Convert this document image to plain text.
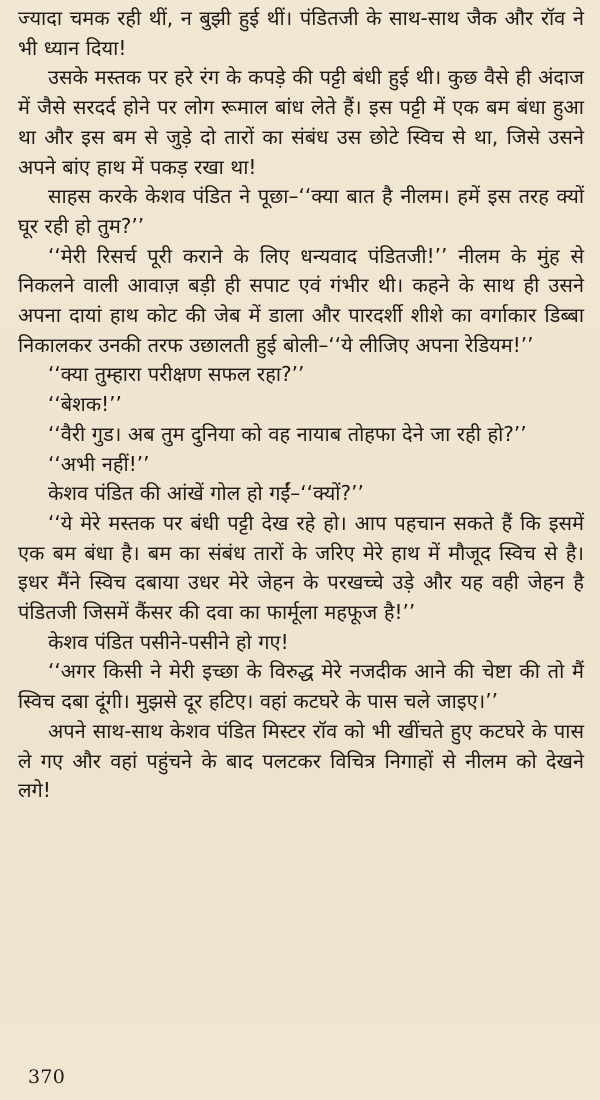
ज्यादा चमक रही थीं, न बुझी हुई थीं। पंडितजी के साथ-साथ जैक और रॉव ने भी ध्यान दिया!

उसके मस्तक पर हरे रंग के कपड़े की पट्टी बंधी हुई थी। कुछ वैसे ही अंदाज में जैसे सरदर्द होने पर लोग रूमाल बांध लेते हैं। इस पट्टी में एक बम बंधा हुआ था और इस बम से जुड़े दो तारों का संबंध उस छोटे स्विच से था, जिसे उसने अपने बांए हाथ में पकड़ रखा था!

साहस करके केशव पंडित ने पूछा–‘‘क्या बात है नीलम। हमें इस तरह क्यों घूर रही हो तुम?’’

‘‘मेरी रिसर्च पूरी कराने के लिए धन्यवाद पंडितजी!’’ नीलम के मुंह से निकलने वाली आवाज़ बड़ी ही सपाट एवं गंभीर थी। कहने के साथ ही उसने अपना दायां हाथ कोट की जेब में डाला और पारदर्शी शीशे का वर्गाकार डिब्बा निकालकर उनकी तरफ उछालती हुई बोली–‘‘ये लीजिए अपना रेडियम!’’

‘‘क्या तुम्हारा परीक्षण सफल रहा?’’

‘‘बेशक!’’

‘‘वैरी गुड। अब तुम दुनिया को वह नायाब तोहफा देने जा रही हो?’’

‘‘अभी नहीं!’’

केशव पंडित की आंखें गोल हो गईं–‘‘क्यों?’’

‘‘ये मेरे मस्तक पर बंधी पट्टी देख रहे हो। आप पहचान सकते हैं कि इसमें एक बम बंधा है। बम का संबंध तारों के जरिए मेरे हाथ में मौजूद स्विच से है। इधर मैंने स्विच दबाया उधर मेरे जेहन के परखच्चे उड़े और यह वही जेहन है पंडितजी जिसमें कैंसर की दवा का फार्मूला महफूज है!’’

केशव पंडित पसीने-पसीने हो गए!

‘‘अगर किसी ने मेरी इच्छा के विरुद्ध मेरे नजदीक आने की चेष्टा की तो मैं स्विच दबा दूंगी। मुझसे दूर हटिए। वहां कटघरे के पास चले जाइए।’’

अपने साथ-साथ केशव पंडित मिस्टर रॉव को भी खींचते हुए कटघरे के पास ले गए और वहां पहुंचने के बाद पलटकर विचित्र निगाहों से नीलम को देखने लगे!

370
